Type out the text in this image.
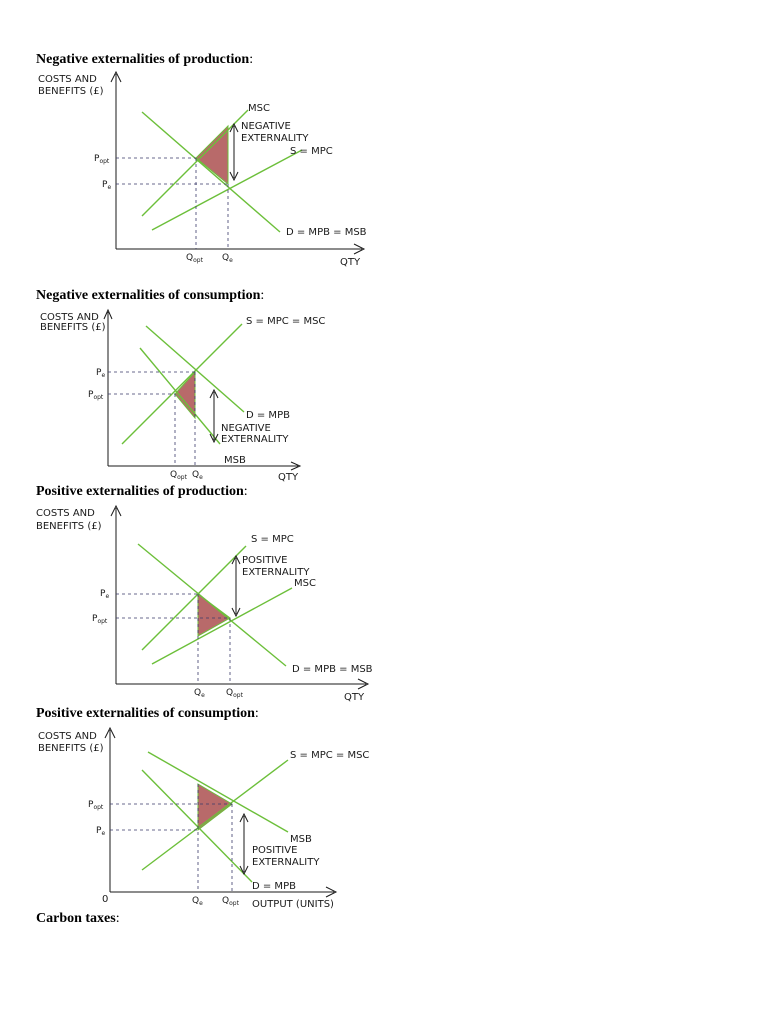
Negative externalities of production:
COSTS AND
BENEFITS (£)
QTY
MSC
S = MPC
D = MPB = MSB
NEGATIVE
EXTERNALITY
$P_{opt}$
$P_e$
$Q_{opt}$ $Q_e$
Negative externalities of consumption:
COSTS AND
BENEFITS (£)
QTY
S = MPC = MSC
D = MPB
MSB
NEGATIVE
EXTERNALITY
$P_e$
$P_{opt}$
$Q_{opt}$ $Q_e$
Positive externalities of production:
COSTS AND
BENEFITS (£)
QTY
S = MPC
MSC
D = MPB = MSB
POSITIVE
EXTERNALITY
$P_e$
$P_{opt}$
$Q_e$ $Q_{opt}$
Positive externalities of consumption:
COSTS AND
BENEFITS (£)
0	OUTPUT (UNITS)
S = MPC = MSC
MSB
D = MPB
POSITIVE
EXTERNALITY
$P_{opt}$
$P_e$
$Q_e$ $Q_{opt}$
Carbon taxes:
